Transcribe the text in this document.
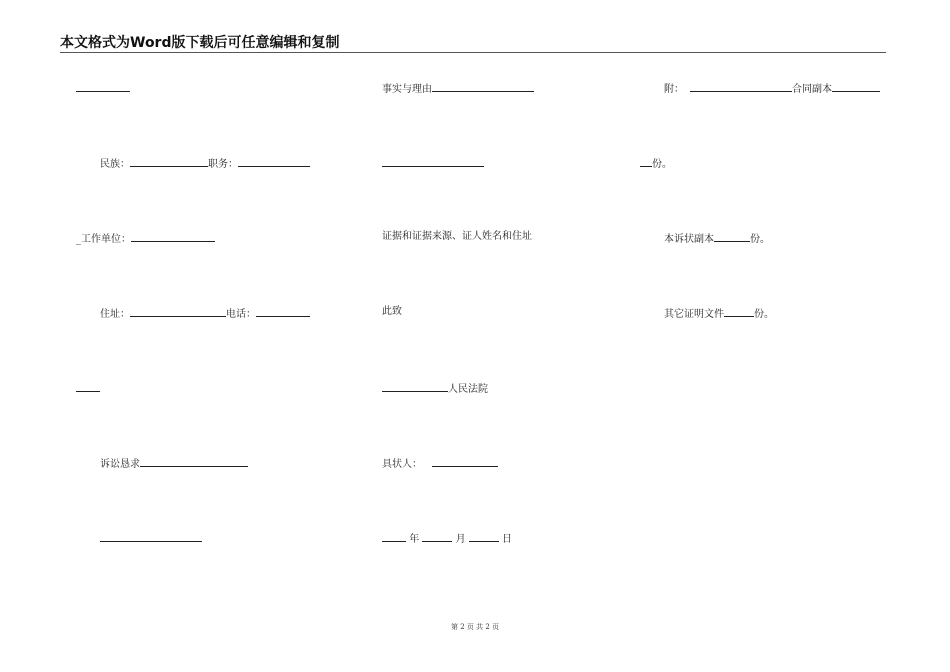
本文格式为Word版下载后可任意编辑和复制
民族：	职务：
_工作单位：
住址：	电话：
诉讼恳求
事实与理由
证据和证据来源、证人姓名和住址
此致
人民法院
具状人：
年	月	日
附：	合同副本
份。
本诉状副本	份。
其它证明文件	份。
第 2 页 共 2 页
